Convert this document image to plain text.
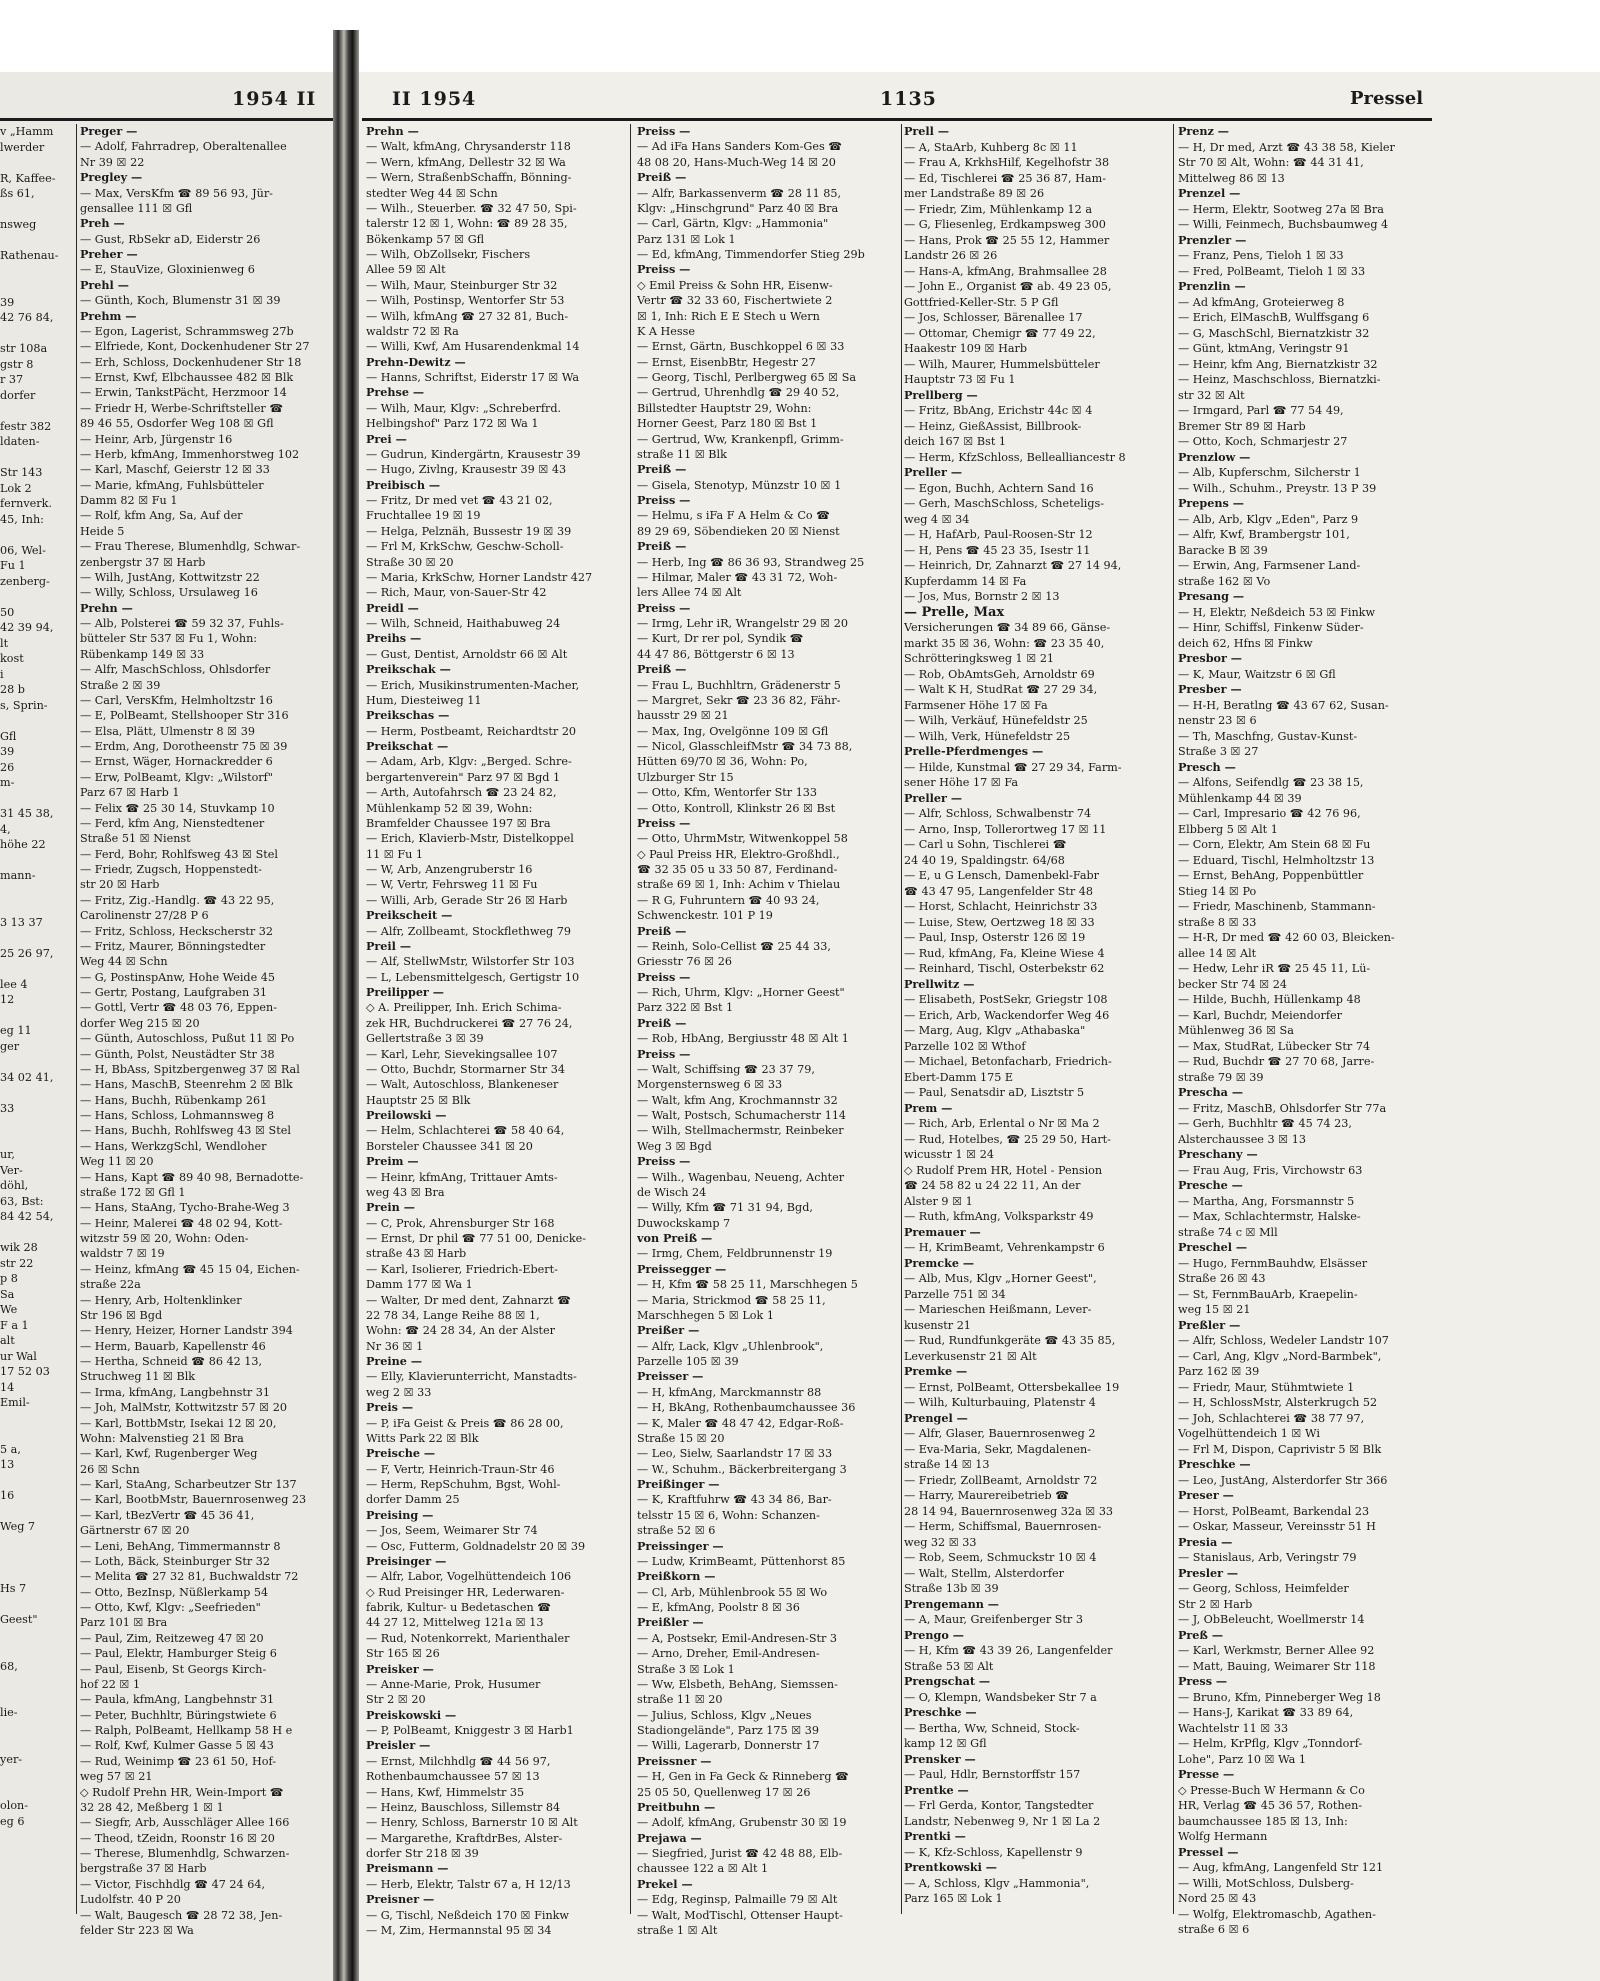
1954 II	II 1954	1135	Pressel
v „Hamm
lwerder
R, Kaffee-
ßs 61,
nsweg
Rathenau-
39
42 76 84,
str 108a
gstr 8
r 37
dorfer
festr 382
ldaten-
Str 143
Lok 2
fernverk.
45, Inh:
06, Wel-
Fu 1
zenberg-
50
42 39 94,
lt
kost
i
28 b
s, Sprin-
Gfl
39
26
m-
31 45 38,
4,
höhe 22
mann-
3 13 37
25 26 97,
lee 4
12
eg 11
ger
34 02 41,
33
ur,
Ver-
döhl,
63, Bst:
84 42 54,
wik 28
str 22
p 8
Sa
We
F a 1
alt
ur Wal
17 52 03
14
Emil-
5 a,
13
16
Weg 7
Hs 7
Geest"
68,
lie-
yer-
olon-
eg 6
Preger —
— Adolf, Fahrradrep, Oberaltenallee
Nr 39 ☒ 22
Pregley —
— Max, VersKfm ☎ 89 56 93, Jür-
gensallee 111 ☒ Gfl
Preh —
— Gust, RbSekr aD, Eiderstr 26
Preher —
— E, StauVize, Gloxinienweg 6
Prehl —
— Günth, Koch, Blumenstr 31 ☒ 39
Prehm —
— Egon, Lagerist, Schrammsweg 27b
— Elfriede, Kont, Dockenhudener Str 27
— Erh, Schloss, Dockenhudener Str 18
— Ernst, Kwf, Elbchaussee 482 ☒ Blk
— Erwin, TankstPächt, Herzmoor 14
— Friedr H, Werbe-Schriftsteller ☎
89 46 55, Osdorfer Weg 108 ☒ Gfl
— Heinr, Arb, Jürgenstr 16
— Herb, kfmAng, Immenhorstweg 102
— Karl, Maschf, Geierstr 12 ☒ 33
— Marie, kfmAng, Fuhlsbütteler
Damm 82 ☒ Fu 1
— Rolf, kfm Ang, Sa, Auf der
Heide 5
— Frau Therese, Blumenhdlg, Schwar-
zenbergstr 37 ☒ Harb
— Wilh, JustAng, Kottwitzstr 22
— Willy, Schloss, Ursulaweg 16
Prehn —
— Alb, Polsterei ☎ 59 32 37, Fuhls-
bütteler Str 537 ☒ Fu 1, Wohn:
Rübenkamp 149 ☒ 33
— Alfr, MaschSchloss, Ohlsdorfer
Straße 2 ☒ 39
— Carl, VersKfm, Helmholtzstr 16
— E, PolBeamt, Stellshooper Str 316
— Elsa, Plätt, Ulmenstr 8 ☒ 39
— Erdm, Ang, Dorotheenstr 75 ☒ 39
— Ernst, Wäger, Hornackredder 6
— Erw, PolBeamt, Klgv: „Wilstorf"
Parz 67 ☒ Harb 1
— Felix ☎ 25 30 14, Stuvkamp 10
— Ferd, kfm Ang, Nienstedtener
Straße 51 ☒ Nienst
— Ferd, Bohr, Rohlfsweg 43 ☒ Stel
— Friedr, Zugsch, Hoppenstedt-
str 20 ☒ Harb
— Fritz, Zig.-Handlg. ☎ 43 22 95,
Carolinenstr 27/28 P 6
— Fritz, Schloss, Heckscherstr 32
— Fritz, Maurer, Bönningstedter
Weg 44 ☒ Schn
— G, PostinspAnw, Hohe Weide 45
— Gertr, Postang, Laufgraben 31
— Gottl, Vertr ☎ 48 03 76, Eppen-
dorfer Weg 215 ☒ 20
— Günth, Autoschloss, Pußut 11 ☒ Po
— Günth, Polst, Neustädter Str 38
— H, BbAss, Spitzbergenweg 37 ☒ Ral
— Hans, MaschB, Steenrehm 2 ☒ Blk
— Hans, Buchh, Rübenkamp 261
— Hans, Schloss, Lohmannsweg 8
— Hans, Buchh, Rohlfsweg 43 ☒ Stel
— Hans, WerkzgSchl, Wendloher
Weg 11 ☒ 20
— Hans, Kapt ☎ 89 40 98, Bernadotte-
straße 172 ☒ Gfl 1
— Hans, StaAng, Tycho-Brahe-Weg 3
— Heinr, Malerei ☎ 48 02 94, Kott-
witzstr 59 ☒ 20, Wohn: Oden-
waldstr 7 ☒ 19
— Heinz, kfmAng ☎ 45 15 04, Eichen-
straße 22a
— Henry, Arb, Holtenklinker
Str 196 ☒ Bgd
— Henry, Heizer, Horner Landstr 394
— Herm, Bauarb, Kapellenstr 46
— Hertha, Schneid ☎ 86 42 13,
Struchweg 11 ☒ Blk
— Irma, kfmAng, Langbehnstr 31
— Joh, MalMstr, Kottwitzstr 57 ☒ 20
— Karl, BottbMstr, Isekai 12 ☒ 20,
Wohn: Malvenstieg 21 ☒ Bra
— Karl, Kwf, Rugenberger Weg
26 ☒ Schn
— Karl, StaAng, Scharbeutzer Str 137
— Karl, BootbMstr, Bauernrosenweg 23
— Karl, tBezVertr ☎ 45 36 41,
Gärtnerstr 67 ☒ 20
— Leni, BehAng, Timmermannstr 8
— Loth, Bäck, Steinburger Str 32
— Melita ☎ 27 32 81, Buchwaldstr 72
— Otto, BezInsp, Nüßlerkamp 54
— Otto, Kwf, Klgv: „Seefrieden"
Parz 101 ☒ Bra
— Paul, Zim, Reitzeweg 47 ☒ 20
— Paul, Elektr, Hamburger Steig 6
— Paul, Eisenb, St Georgs Kirch-
hof 22 ☒ 1
— Paula, kfmAng, Langbehnstr 31
— Peter, Buchhltr, Büringstwiete 6
— Ralph, PolBeamt, Hellkamp 58 H e
— Rolf, Kwf, Kulmer Gasse 5 ☒ 43
— Rud, Weinimp ☎ 23 61 50, Hof-
weg 57 ☒ 21
◇ Rudolf Prehn HR, Wein-Import ☎
32 28 42, Meßberg 1 ☒ 1
— Siegfr, Arb, Ausschläger Allee 166
— Theod, tZeidn, Roonstr 16 ☒ 20
— Therese, Blumenhdlg, Schwarzen-
bergstraße 37 ☒ Harb
— Victor, Fischhdlg ☎ 47 24 64,
Ludolfstr. 40 P 20
— Walt, Baugesch ☎ 28 72 38, Jen-
felder Str 223 ☒ Wa
Prehn —
— Walt, kfmAng, Chrysanderstr 118
— Wern, kfmAng, Dellestr 32 ☒ Wa
— Wern, StraßenbSchaffn, Bönning-
stedter Weg 44 ☒ Schn
— Wilh., Steuerber. ☎ 32 47 50, Spi-
talerstr 12 ☒ 1, Wohn: ☎ 89 28 35,
Bökenkamp 57 ☒ Gfl
— Wilh, ObZollsekr, Fischers
Allee 59 ☒ Alt
— Wilh, Maur, Steinburger Str 32
— Wilh, Postinsp, Wentorfer Str 53
— Wilh, kfmAng ☎ 27 32 81, Buch-
waldstr 72 ☒ Ra
— Willi, Kwf, Am Husarendenkmal 14
Prehn-Dewitz —
— Hanns, Schriftst, Eiderstr 17 ☒ Wa
Prehse —
— Wilh, Maur, Klgv: „Schreberfrd.
Helbingshof" Parz 172 ☒ Wa 1
Prei —
— Gudrun, Kindergärtn, Krausestr 39
— Hugo, Zivlng, Krausestr 39 ☒ 43
Preibisch —
— Fritz, Dr med vet ☎ 43 21 02,
Fruchtallee 19 ☒ 19
— Helga, Pelznäh, Bussestr 19 ☒ 39
— Frl M, KrkSchw, Geschw-Scholl-
Straße 30 ☒ 20
— Maria, KrkSchw, Horner Landstr 427
— Rich, Maur, von-Sauer-Str 42
Preidl —
— Wilh, Schneid, Haithabuweg 24
Preihs —
— Gust, Dentist, Arnoldstr 66 ☒ Alt
Preikschak —
— Erich, Musikinstrumenten-Macher,
Hum, Diesteiweg 11
Preikschas —
— Herm, Postbeamt, Reichardtstr 20
Preikschat —
— Adam, Arb, Klgv: „Berged. Schre-
bergartenverein" Parz 97 ☒ Bgd 1
— Arth, Autofahrsch ☎ 23 24 82,
Mühlenkamp 52 ☒ 39, Wohn:
Bramfelder Chaussee 197 ☒ Bra
— Erich, Klavierb-Mstr, Distelkoppel
11 ☒ Fu 1
— W, Arb, Anzengruberstr 16
— W, Vertr, Fehrsweg 11 ☒ Fu
— Willi, Arb, Gerade Str 26 ☒ Harb
Preikscheit —
— Alfr, Zollbeamt, Stockflethweg 79
Preil —
— Alf, StellwMstr, Wilstorfer Str 103
— L, Lebensmittelgesch, Gertigstr 10
Preilipper —
◇ A. Preilipper, Inh. Erich Schima-
zek HR, Buchdruckerei ☎ 27 76 24,
Gellertstraße 3 ☒ 39
— Karl, Lehr, Sievekingsallee 107
— Otto, Buchdr, Stormarner Str 34
— Walt, Autoschloss, Blankeneser
Hauptstr 25 ☒ Blk
Preilowski —
— Helm, Schlachterei ☎ 58 40 64,
Borsteler Chaussee 341 ☒ 20
Preim —
— Heinr, kfmAng, Trittauer Amts-
weg 43 ☒ Bra
Prein —
— C, Prok, Ahrensburger Str 168
— Ernst, Dr phil ☎ 77 51 00, Denicke-
straße 43 ☒ Harb
— Karl, Isolierer, Friedrich-Ebert-
Damm 177 ☒ Wa 1
— Walter, Dr med dent, Zahnarzt ☎
22 78 34, Lange Reihe 88 ☒ 1,
Wohn: ☎ 24 28 34, An der Alster
Nr 36 ☒ 1
Preine —
— Elly, Klavierunterricht, Manstadts-
weg 2 ☒ 33
Preis —
— P, iFa Geist & Preis ☎ 86 28 00,
Witts Park 22 ☒ Blk
Preische —
— F, Vertr, Heinrich-Traun-Str 46
— Herm, RepSchuhm, Bgst, Wohl-
dorfer Damm 25
Preising —
— Jos, Seem, Weimarer Str 74
— Osc, Futterm, Goldnadelstr 20 ☒ 39
Preisinger —
— Alfr, Labor, Vogelhüttendeich 106
◇ Rud Preisinger HR, Lederwaren-
fabrik, Kultur- u Bedetaschen ☎
44 27 12, Mittelweg 121a ☒ 13
— Rud, Notenkorrekt, Marienthaler
Str 165 ☒ 26
Preisker —
— Anne-Marie, Prok, Husumer
Str 2 ☒ 20
Preiskowski —
— P, PolBeamt, Kniggestr 3 ☒ Harb1
Preisler —
— Ernst, Milchhdlg ☎ 44 56 97,
Rothenbaumchaussee 57 ☒ 13
— Hans, Kwf, Himmelstr 35
— Heinz, Bauschloss, Sillemstr 84
— Henry, Schloss, Barnerstr 10 ☒ Alt
— Margarethe, KraftdrBes, Alster-
dorfer Str 218 ☒ 39
Preismann —
— Herb, Elektr, Talstr 67 a, H 12/13
Preisner —
— G, Tischl, Neßdeich 170 ☒ Finkw
— M, Zim, Hermannstal 95 ☒ 34
Preiss —
— Ad iFa Hans Sanders Kom-Ges ☎
48 08 20, Hans-Much-Weg 14 ☒ 20
Preiß —
— Alfr, Barkassenverm ☎ 28 11 85,
Klgv: „Hinschgrund" Parz 40 ☒ Bra
— Carl, Gärtn, Klgv: „Hammonia"
Parz 131 ☒ Lok 1
— Ed, kfmAng, Timmendorfer Stieg 29b
Preiss —
◇ Emil Preiss & Sohn HR, Eisenw-
Vertr ☎ 32 33 60, Fischertwiete 2
☒ 1, Inh: Rich E E Stech u Wern
K A Hesse
— Ernst, Gärtn, Buschkoppel 6 ☒ 33
— Ernst, EisenbBtr, Hegestr 27
— Georg, Tischl, Perlbergweg 65 ☒ Sa
— Gertrud, Uhrenhdlg ☎ 29 40 52,
Billstedter Hauptstr 29, Wohn:
Horner Geest, Parz 180 ☒ Bst 1
— Gertrud, Ww, Krankenpfl, Grimm-
straße 11 ☒ Blk
Preiß —
— Gisela, Stenotyp, Münzstr 10 ☒ 1
Preiss —
— Helmu, s iFa F A Helm & Co ☎
89 29 69, Söbendieken 20 ☒ Nienst
Preiß —
— Herb, Ing ☎ 86 36 93, Strandweg 25
— Hilmar, Maler ☎ 43 31 72, Woh-
lers Allee 74 ☒ Alt
Preiss —
— Irmg, Lehr iR, Wrangelstr 29 ☒ 20
— Kurt, Dr rer pol, Syndik ☎
44 47 86, Böttgerstr 6 ☒ 13
Preiß —
— Frau L, Buchhltrn, Grädenerstr 5
— Margret, Sekr ☎ 23 36 82, Fähr-
hausstr 29 ☒ 21
— Max, Ing, Ovelgönne 109 ☒ Gfl
— Nicol, GlasschleifMstr ☎ 34 73 88,
Hütten 69/70 ☒ 36, Wohn: Po,
Ulzburger Str 15
— Otto, Kfm, Wentorfer Str 133
— Otto, Kontroll, Klinkstr 26 ☒ Bst
Preiss —
— Otto, UhrmMstr, Witwenkoppel 58
◇ Paul Preiss HR, Elektro-Großhdl.,
☎ 32 35 05 u 33 50 87, Ferdinand-
straße 69 ☒ 1, Inh: Achim v Thielau
— R G, Fuhruntern ☎ 40 93 24,
Schwenckestr. 101 P 19
Preiß —
— Reinh, Solo-Cellist ☎ 25 44 33,
Griesstr 76 ☒ 26
Preiss —
— Rich, Uhrm, Klgv: „Horner Geest"
Parz 322 ☒ Bst 1
Preiß —
— Rob, HbAng, Bergiusstr 48 ☒ Alt 1
Preiss —
— Walt, Schiffsing ☎ 23 37 79,
Morgensternsweg 6 ☒ 33
— Walt, kfm Ang, Krochmannstr 32
— Walt, Postsch, Schumacherstr 114
— Wilh, Stellmachermstr, Reinbeker
Weg 3 ☒ Bgd
Preiss —
— Wilh., Wagenbau, Neueng, Achter
de Wisch 24
— Willy, Kfm ☎ 71 31 94, Bgd,
Duwockskamp 7
von Preiß —
— Irmg, Chem, Feldbrunnenstr 19
Preissegger —
— H, Kfm ☎ 58 25 11, Marschhegen 5
— Maria, Strickmod ☎ 58 25 11,
Marschhegen 5 ☒ Lok 1
Preißer —
— Alfr, Lack, Klgv „Uhlenbrook",
Parzelle 105 ☒ 39
Preisser —
— H, kfmAng, Marckmannstr 88
— H, BkAng, Rothenbaumchaussee 36
— K, Maler ☎ 48 47 42, Edgar-Roß-
Straße 15 ☒ 20
— Leo, Sielw, Saarlandstr 17 ☒ 33
— W., Schuhm., Bäckerbreitergang 3
Preißinger —
— K, Kraftfuhrw ☎ 43 34 86, Bar-
telsstr 15 ☒ 6, Wohn: Schanzen-
straße 52 ☒ 6
Preissinger —
— Ludw, KrimBeamt, Püttenhorst 85
Preißkorn —
— Cl, Arb, Mühlenbrook 55 ☒ Wo
— E, kfmAng, Poolstr 8 ☒ 36
Preißler —
— A, Postsekr, Emil-Andresen-Str 3
— Arno, Dreher, Emil-Andresen-
Straße 3 ☒ Lok 1
— Ww, Elsbeth, BehAng, Siemssen-
straße 11 ☒ 20
— Julius, Schloss, Klgv „Neues
Stadiongelände", Parz 175 ☒ 39
— Willi, Lagerarb, Donnerstr 17
Preissner —
— H, Gen in Fa Geck & Rinneberg ☎
25 05 50, Quellenweg 17 ☒ 26
Preitbuhn —
— Adolf, kfmAng, Grubenstr 30 ☒ 19
Prejawa —
— Siegfried, Jurist ☎ 42 48 88, Elb-
chaussee 122 a ☒ Alt 1
Prekel —
— Edg, Reginsp, Palmaille 79 ☒ Alt
— Walt, ModTischl, Ottenser Haupt-
straße 1 ☒ Alt
Prell —
— A, StaArb, Kuhberg 8c ☒ 11
— Frau A, KrkhsHilf, Kegelhofstr 38
— Ed, Tischlerei ☎ 25 36 87, Ham-
mer Landstraße 89 ☒ 26
— Friedr, Zim, Mühlenkamp 12 a
— G, Fliesenleg, Erdkampsweg 300
— Hans, Prok ☎ 25 55 12, Hammer
Landstr 26 ☒ 26
— Hans-A, kfmAng, Brahmsallee 28
— John E., Organist ☎ ab. 49 23 05,
Gottfried-Keller-Str. 5 P Gfl
— Jos, Schlosser, Bärenallee 17
— Ottomar, Chemigr ☎ 77 49 22,
Haakestr 109 ☒ Harb
— Wilh, Maurer, Hummelsbütteler
Hauptstr 73 ☒ Fu 1
Prellberg —
— Fritz, BbAng, Erichstr 44c ☒ 4
— Heinz, GießAssist, Billbrook-
deich 167 ☒ Bst 1
— Herm, KfzSchloss, Bellealliancestr 8
Preller —
— Egon, Buchh, Achtern Sand 16
— Gerh, MaschSchloss, Scheteligs-
weg 4 ☒ 34
— H, HafArb, Paul-Roosen-Str 12
— H, Pens ☎ 45 23 35, Isestr 11
— Heinrich, Dr, Zahnarzt ☎ 27 14 94,
Kupferdamm 14 ☒ Fa
— Jos, Mus, Bornstr 2 ☒ 13
— Prelle, Max
Versicherungen ☎ 34 89 66, Gänse-
markt 35 ☒ 36, Wohn: ☎ 23 35 40,
Schrötteringksweg 1 ☒ 21
— Rob, ObAmtsGeh, Arnoldstr 69
— Walt K H, StudRat ☎ 27 29 34,
Farmsener Höhe 17 ☒ Fa
— Wilh, Verkäuf, Hünefeldstr 25
— Wilh, Verk, Hünefeldstr 25
Prelle-Pferdmenges —
— Hilde, Kunstmal ☎ 27 29 34, Farm-
sener Höhe 17 ☒ Fa
Preller —
— Alfr, Schloss, Schwalbenstr 74
— Arno, Insp, Tollerortweg 17 ☒ 11
— Carl u Sohn, Tischlerei ☎
24 40 19, Spaldingstr. 64/68
— E, u G Lensch, Damenbekl-Fabr
☎ 43 47 95, Langenfelder Str 48
— Horst, Schlacht, Heinrichstr 33
— Luise, Stew, Oertzweg 18 ☒ 33
— Paul, Insp, Osterstr 126 ☒ 19
— Rud, kfmAng, Fa, Kleine Wiese 4
— Reinhard, Tischl, Osterbekstr 62
Prellwitz —
— Elisabeth, PostSekr, Griegstr 108
— Erich, Arb, Wackendorfer Weg 46
— Marg, Aug, Klgv „Athabaska"
Parzelle 102 ☒ Wthof
— Michael, Betonfacharb, Friedrich-
Ebert-Damm 175 E
— Paul, Senatsdir aD, Lisztstr 5
Prem —
— Rich, Arb, Erlental o Nr ☒ Ma 2
— Rud, Hotelbes, ☎ 25 29 50, Hart-
wicusstr 1 ☒ 24
◇ Rudolf Prem HR, Hotel - Pension
☎ 24 58 82 u 24 22 11, An der
Alster 9 ☒ 1
— Ruth, kfmAng, Volksparkstr 49
Premauer —
— H, KrimBeamt, Vehrenkampstr 6
Premcke —
— Alb, Mus, Klgv „Horner Geest",
Parzelle 751 ☒ 34
— Marieschen Heißmann, Lever-
kusenstr 21
— Rud, Rundfunkgeräte ☎ 43 35 85,
Leverkusenstr 21 ☒ Alt
Premke —
— Ernst, PolBeamt, Ottersbekallee 19
— Wilh, Kulturbauing, Platenstr 4
Prengel —
— Alfr, Glaser, Bauernrosenweg 2
— Eva-Maria, Sekr, Magdalenen-
straße 14 ☒ 13
— Friedr, ZollBeamt, Arnoldstr 72
— Harry, Maurereibetrieb ☎
28 14 94, Bauernrosenweg 32a ☒ 33
— Herm, Schiffsmal, Bauernrosen-
weg 32 ☒ 33
— Rob, Seem, Schmuckstr 10 ☒ 4
— Walt, Stellm, Alsterdorfer
Straße 13b ☒ 39
Prengemann —
— A, Maur, Greifenberger Str 3
Prengo —
— H, Kfm ☎ 43 39 26, Langenfelder
Straße 53 ☒ Alt
Prengschat —
— O, Klempn, Wandsbeker Str 7 a
Preschke —
— Bertha, Ww, Schneid, Stock-
kamp 12 ☒ Gfl
Prensker —
— Paul, Hdlr, Bernstorffstr 157
Prentke —
— Frl Gerda, Kontor, Tangstedter
Landstr, Nebenweg 9, Nr 1 ☒ La 2
Prentki —
— K, Kfz-Schloss, Kapellenstr 9
Prentkowski —
— A, Schloss, Klgv „Hammonia",
Parz 165 ☒ Lok 1
Prenz —
— H, Dr med, Arzt ☎ 43 38 58, Kieler
Str 70 ☒ Alt, Wohn: ☎ 44 31 41,
Mittelweg 86 ☒ 13
Prenzel —
— Herm, Elektr, Sootweg 27a ☒ Bra
— Willi, Feinmech, Buchsbaumweg 4
Prenzler —
— Franz, Pens, Tieloh 1 ☒ 33
— Fred, PolBeamt, Tieloh 1 ☒ 33
Prenzlin —
— Ad kfmAng, Groteierweg 8
— Erich, ElMaschB, Wulffsgang 6
— G, MaschSchl, Biernatzkistr 32
— Günt, ktmAng, Veringstr 91
— Heinr, kfm Ang, Biernatzkistr 32
— Heinz, Maschschloss, Biernatzki-
str 32 ☒ Alt
— Irmgard, Parl ☎ 77 54 49,
Bremer Str 89 ☒ Harb
— Otto, Koch, Schmarjestr 27
Prenzlow —
— Alb, Kupferschm, Silcherstr 1
— Wilh., Schuhm., Preystr. 13 P 39
Prepens —
— Alb, Arb, Klgv „Eden", Parz 9
— Alfr, Kwf, Brambergstr 101,
Baracke B ☒ 39
— Erwin, Ang, Farmsener Land-
straße 162 ☒ Vo
Presang —
— H, Elektr, Neßdeich 53 ☒ Finkw
— Hinr, Schiffsl, Finkenw Süder-
deich 62, Hfns ☒ Finkw
Presbor —
— K, Maur, Waitzstr 6 ☒ Gfl
Presber —
— H-H, Beratlng ☎ 43 67 62, Susan-
nenstr 23 ☒ 6
— Th, Maschfng, Gustav-Kunst-
Straße 3 ☒ 27
Presch —
— Alfons, Seifendlg ☎ 23 38 15,
Mühlenkamp 44 ☒ 39
— Carl, Impresario ☎ 42 76 96,
Elbberg 5 ☒ Alt 1
— Corn, Elektr, Am Stein 68 ☒ Fu
— Eduard, Tischl, Helmholtzstr 13
— Ernst, BehAng, Poppenbüttler
Stieg 14 ☒ Po
— Friedr, Maschinenb, Stammann-
straße 8 ☒ 33
— H-R, Dr med ☎ 42 60 03, Bleicken-
allee 14 ☒ Alt
— Hedw, Lehr iR ☎ 25 45 11, Lü-
becker Str 74 ☒ 24
— Hilde, Buchh, Hüllenkamp 48
— Karl, Buchdr, Meiendorfer
Mühlenweg 36 ☒ Sa
— Max, StudRat, Lübecker Str 74
— Rud, Buchdr ☎ 27 70 68, Jarre-
straße 79 ☒ 39
Prescha —
— Fritz, MaschB, Ohlsdorfer Str 77a
— Gerh, Buchhltr ☎ 45 74 23,
Alsterchaussee 3 ☒ 13
Preschany —
— Frau Aug, Fris, Virchowstr 63
Presche —
— Martha, Ang, Forsmannstr 5
— Max, Schlachtermstr, Halske-
straße 74 c ☒ Mll
Preschel —
— Hugo, FernmBauhdw, Elsässer
Straße 26 ☒ 43
— St, FernmBauArb, Kraepelin-
weg 15 ☒ 21
Preßler —
— Alfr, Schloss, Wedeler Landstr 107
— Carl, Ang, Klgv „Nord-Barmbek",
Parz 162 ☒ 39
— Friedr, Maur, Stühmtwiete 1
— H, SchlossMstr, Alsterkrugch 52
— Joh, Schlachterei ☎ 38 77 97,
Vogelhüttendeich 1 ☒ Wi
— Frl M, Dispon, Caprivistr 5 ☒ Blk
Preschke —
— Leo, JustAng, Alsterdorfer Str 366
Preser —
— Horst, PolBeamt, Barkendal 23
— Oskar, Masseur, Vereinsstr 51 H
Presia —
— Stanislaus, Arb, Veringstr 79
Presler —
— Georg, Schloss, Heimfelder
Str 2 ☒ Harb
— J, ObBeleucht, Woellmerstr 14
Preß —
— Karl, Werkmstr, Berner Allee 92
— Matt, Bauing, Weimarer Str 118
Press —
— Bruno, Kfm, Pinneberger Weg 18
— Hans-J, Karikat ☎ 33 89 64,
Wachtelstr 11 ☒ 33
— Helm, KrPflg, Klgv „Tonndorf-
Lohe", Parz 10 ☒ Wa 1
Presse —
◇ Presse-Buch W Hermann & Co
HR, Verlag ☎ 45 36 57, Rothen-
baumchaussee 185 ☒ 13, Inh:
Wolfg Hermann
Pressel —
— Aug, kfmAng, Langenfeld Str 121
— Willi, MotSchloss, Dulsberg-
Nord 25 ☒ 43
— Wolfg, Elektromaschb, Agathen-
straße 6 ☒ 6
